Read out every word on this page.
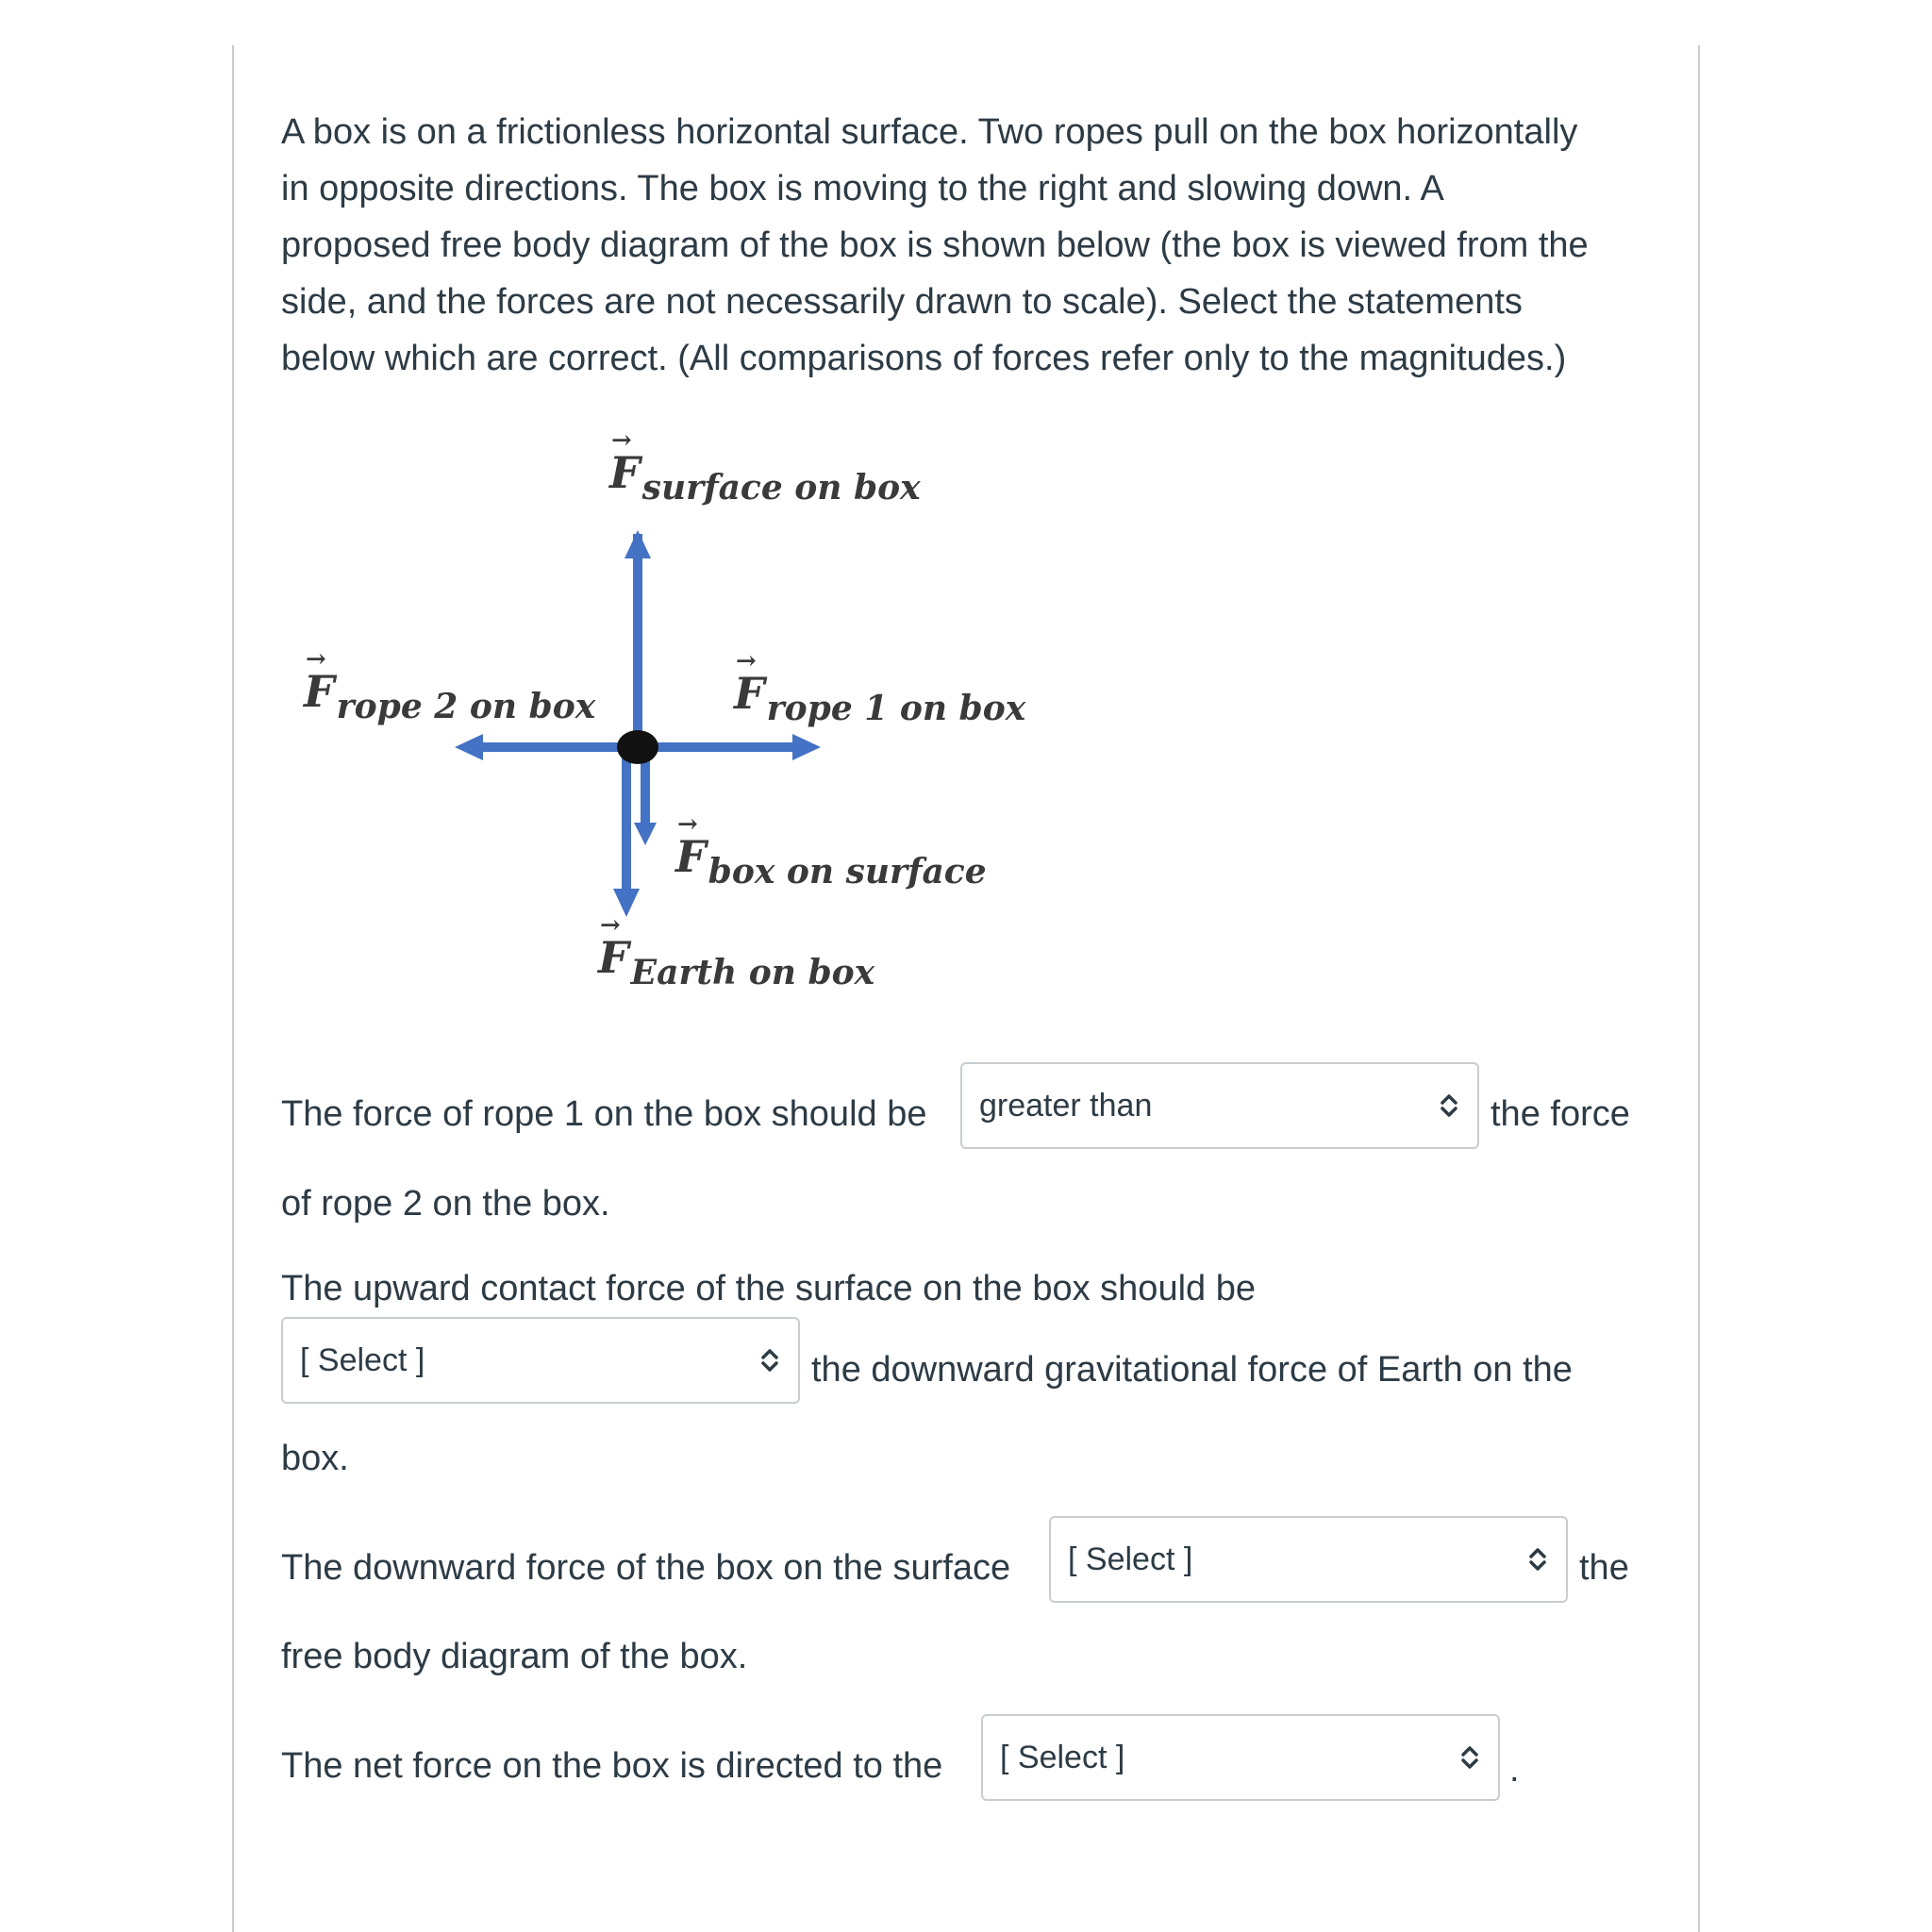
A box is on a frictionless horizontal surface. Two ropes pull on the box horizontally
in opposite directions. The box is moving to the right and slowing down. A
proposed free body diagram of the box is shown below (the box is viewed from the
side, and the forces are not necessarily drawn to scale). Select the statements
below which are correct. (All comparisons of forces refer only to the magnitudes.)

→ Fsurface on box
→ Frope 2 on box
→	Frope 1 on box
→ Fbox on surface
→ FEarth on box
The force of rope 1 on the box should be greater than	the force
of rope 2 on the box.
The upward contact force of the surface on the box should be
[ Select ]	the downward gravitational force of Earth on the
box.
The downward force of the box on the surface [ Select ]	the
free body diagram of the box.
The net force on the box is directed to the [ Select ]	.
